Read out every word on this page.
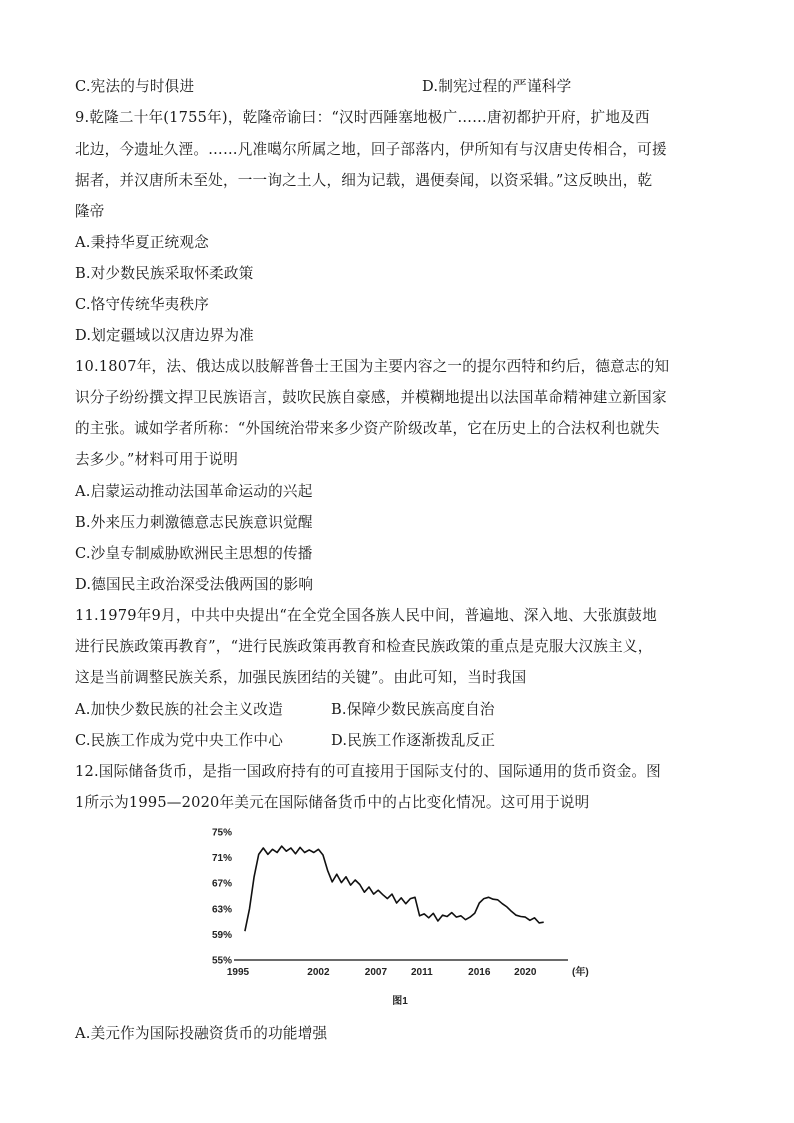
C.宪法的与时俱进	D.制宪过程的严谨科学
9.乾隆二十年(1755年)，乾隆帝谕曰：“汉时西陲塞地极广……唐初都护开府，扩地及西
北边，今遗址久湮。……凡准噶尔所属之地，回子部落内，伊所知有与汉唐史传相合，可援
据者，并汉唐所未至处，一一询之土人，细为记载，遇便奏闻，以资采辑。”这反映出，乾
隆帝
A.秉持华夏正统观念
B.对少数民族采取怀柔政策
C.恪守传统华夷秩序
D.划定疆域以汉唐边界为准
10.1807年，法、俄达成以肢解普鲁士王国为主要内容之一的提尔西特和约后，德意志的知
识分子纷纷撰文捍卫民族语言，鼓吹民族自豪感，并模糊地提出以法国革命精神建立新国家
的主张。诚如学者所称：“外国统治带来多少资产阶级改革，它在历史上的合法权利也就失
去多少。”材料可用于说明
A.启蒙运动推动法国革命运动的兴起
B.外来压力刺激德意志民族意识觉醒
C.沙皇专制威胁欧洲民主思想的传播
D.德国民主政治深受法俄两国的影响
11.1979年9月，中共中央提出“在全党全国各族人民中间，普遍地、深入地、大张旗鼓地
进行民族政策再教育”，“进行民族政策再教育和检查民族政策的重点是克服大汉族主义，
这是当前调整民族关系，加强民族团结的关键”。由此可知，当时我国
A.加快少数民族的社会主义改造	B.保障少数民族高度自治
C.民族工作成为党中央工作中心	D.民族工作逐渐拨乱反正
12.国际储备货币，是指一国政府持有的可直接用于国际支付的、国际通用的货币资金。图
1所示为1995—2020年美元在国际储备货币中的占比变化情况。这可用于说明
55%
59%
63%
67%
71%
75%
1995	2002	2007 2011	2016 2020	(年)
图1
A.美元作为国际投融资货币的功能增强
